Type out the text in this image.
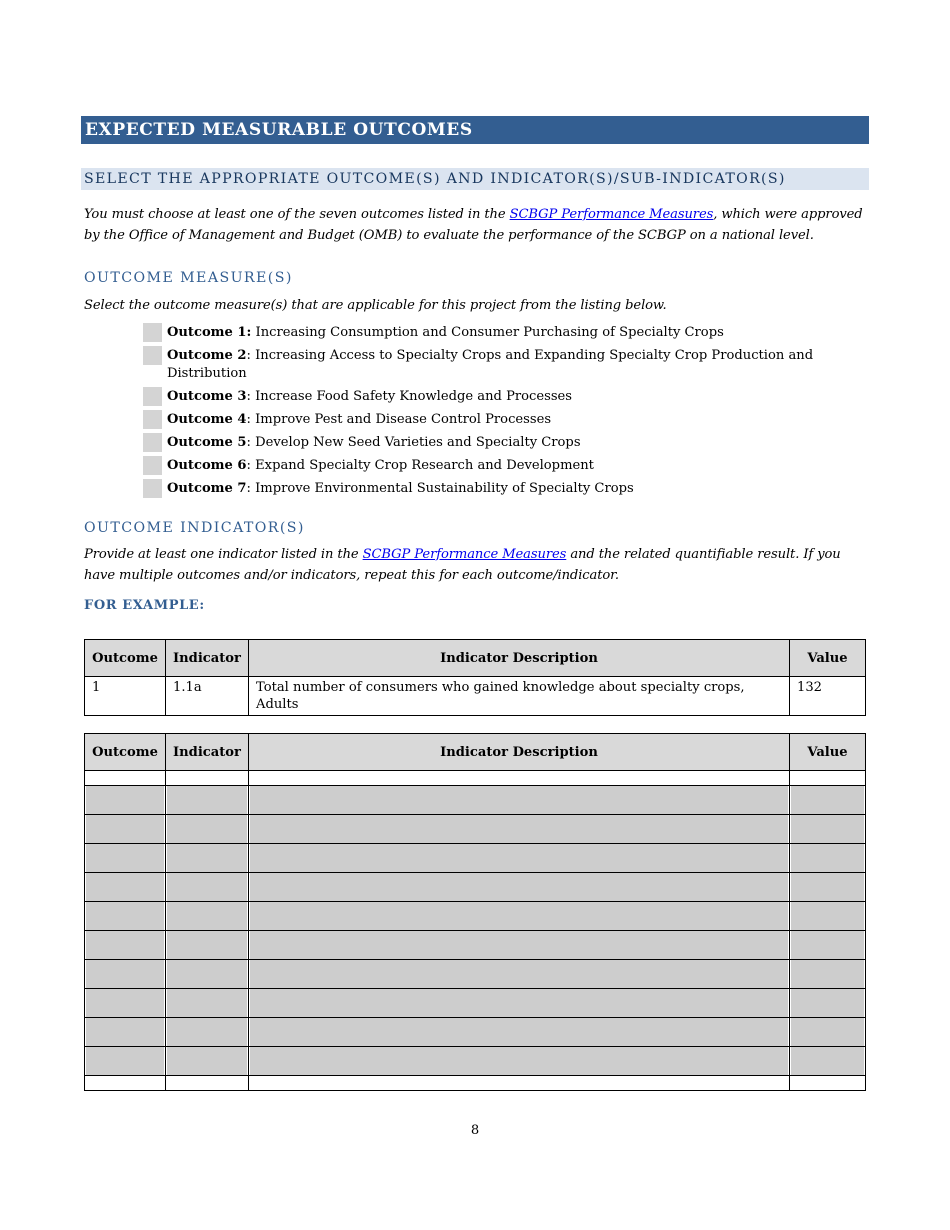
EXPECTED MEASURABLE OUTCOMES
SELECT THE APPROPRIATE OUTCOME(S) AND INDICATOR(S)/SUB-INDICATOR(S)
You must choose at least one of the seven outcomes listed in the SCBGP Performance Measures, which were approved by the Office of Management and Budget (OMB) to evaluate the performance of the SCBGP on a national level.
OUTCOME MEASURE(S)
Select the outcome measure(s) that are applicable for this project from the listing below.
Outcome 1: Increasing Consumption and Consumer Purchasing of Specialty Crops
Outcome 2: Increasing Access to Specialty Crops and Expanding Specialty Crop Production and Distribution
Outcome 3: Increase Food Safety Knowledge and Processes
Outcome 4: Improve Pest and Disease Control Processes
Outcome 5: Develop New Seed Varieties and Specialty Crops
Outcome 6: Expand Specialty Crop Research and Development
Outcome 7: Improve Environmental Sustainability of Specialty Crops
OUTCOME INDICATOR(S)
Provide at least one indicator listed in the SCBGP Performance Measures and the related quantifiable result. If you have multiple outcomes and/or indicators, repeat this for each outcome/indicator.
FOR EXAMPLE:
Outcome	Indicator	Indicator Description	Value
1	1.1a	Total number of consumers who gained knowledge about specialty crops, Adults	132
Outcome	Indicator	Indicator Description	Value

8
